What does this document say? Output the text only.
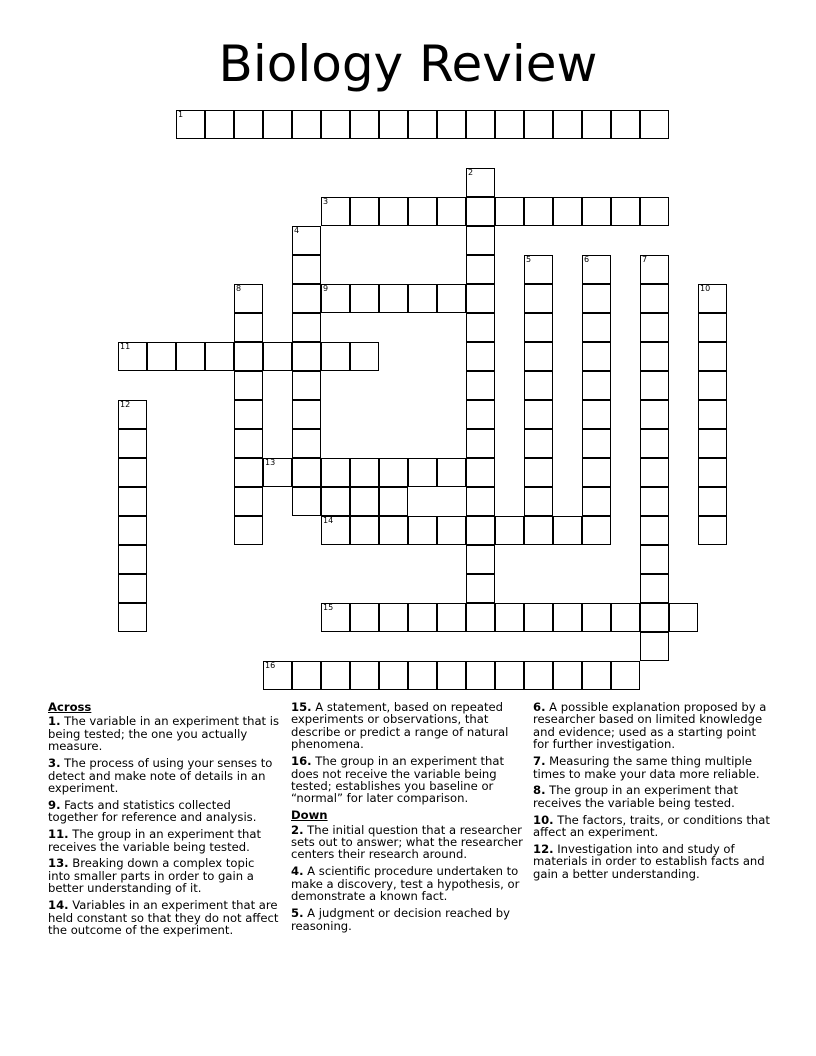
Biology Review
1
2
3
4
5	6	7
8	9	10
11
12
13
14
15
16
Across
1. The variable in an experiment that is being tested; the one you actually measure.
3. The process of using your senses to detect and make note of details in an experiment.
9. Facts and statistics collected together for reference and analysis.
11. The group in an experiment that receives the variable being tested.
13. Breaking down a complex topic into smaller parts in order to gain a better understanding of it.
14. Variables in an experiment that are held constant so that they do not affect the outcome of the experiment.
15. A statement, based on repeated experiments or observations, that describe or predict a range of natural phenomena.
16. The group in an experiment that does not receive the variable being tested; establishes you baseline or “normal” for later comparison.
Down
2. The initial question that a researcher sets out to answer; what the researcher centers their research around.
4. A scientific procedure undertaken to make a discovery, test a hypothesis, or demonstrate a known fact.
5. A judgment or decision reached by reasoning.
6. A possible explanation proposed by a researcher based on limited knowledge and evidence; used as a starting point for further investigation.
7. Measuring the same thing multiple times to make your data more reliable.
8. The group in an experiment that receives the variable being tested.
10. The factors, traits, or conditions that affect an experiment.
12. Investigation into and study of materials in order to establish facts and gain a better understanding.
